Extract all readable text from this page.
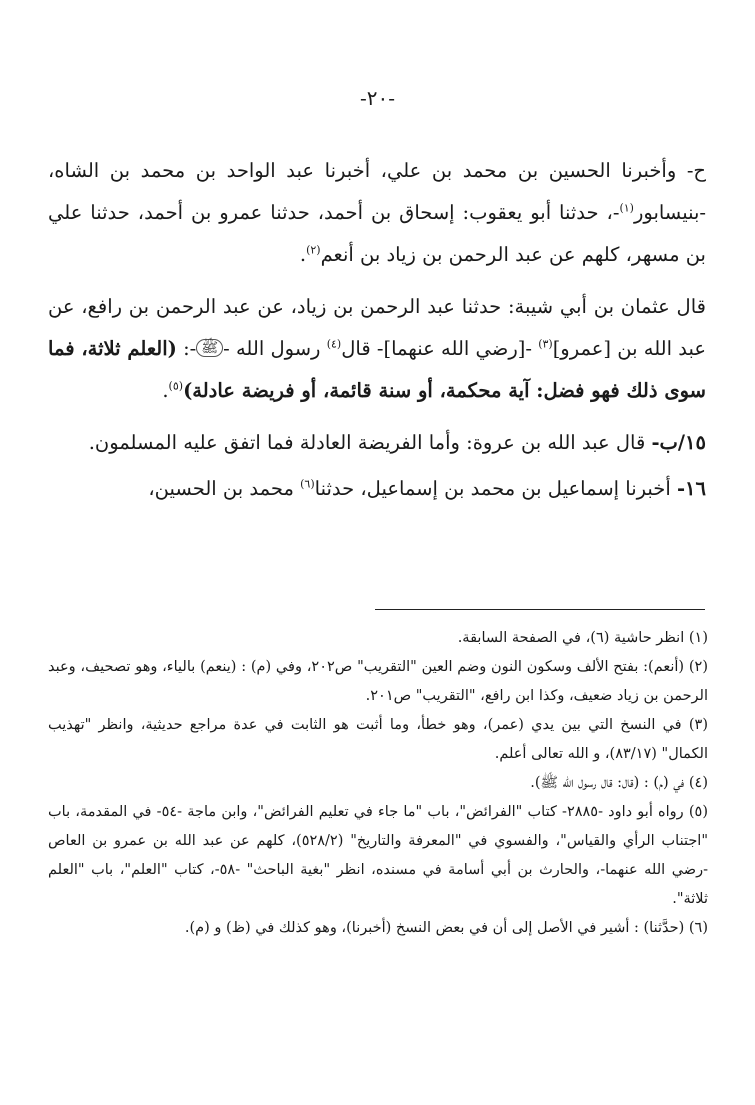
-٢٠-

ح- وأخبرنا الحسين بن محمد بن علي، أخبرنا عبد الواحد بن محمد بن الشاه، -بنيسابور$^{(١)}$-، حدثنا أبو يعقوب: إسحاق بن أحمد، حدثنا عمرو بن أحمد، حدثنا علي بن مسهر، كلهم عن عبد الرحمن بن زياد بن أنعم$^{(٢)}$.

قال عثمان بن أبي شيبة: حدثنا عبد الرحمن بن زياد، عن عبد الرحمن بن رافع، عن عبد الله بن [عمرو]$^{(٣)}$ -[رضي الله عنهما]- قال$^{(٤)}$ رسول الله -ﷺ-: (العلم ثلاثة، فما سوى ذلك فهو فضل: آية محكمة، أو سنة قائمة، أو فريضة عادلة)$^{(٥)}$.

١٥/ب- قال عبد الله بن عروة: وأما الفريضة العادلة فما اتفق عليه المسلمون.

١٦- أخبرنا إسماعيل بن محمد بن إسماعيل، حدثنا$^{(٦)}$ محمد بن الحسين،

(١) انظر حاشية (٦)، في الصفحة السابقة.
(٢) (أنعم): بفتح الألف وسكون النون وضم العين "التقريب" ص٢٠٢، وفي (م) : (ينعم) بالياء، وهو تصحيف، وعبد الرحمن بن زياد ضعيف، وكذا ابن رافع، "التقريب" ص٢٠١.
(٣) في النسخ التي بين يدي (عمر)، وهو خطأ، وما أثبت هو الثابت في عدة مراجع حديثية، وانظر "تهذيب الكمال" (٨٣/١٧)، و الله تعالى أعلم.
(٤) في (م) : (قال: قال رسول الله ﷺ).
(٥) رواه أبو داود -٢٨٨٥- كتاب "الفرائض"، باب "ما جاء في تعليم الفرائض"، وابن ماجة -٥٤- في المقدمة، باب "اجتناب الرأي والقياس"، والفسوي في "المعرفة والتاريخ" (٥٢٨/٢)، كلهم عن عبد الله بن عمرو بن العاص -رضي الله عنهما-، والحارث بن أبي أسامة في مسنده، انظر "بغية الباحث" -٥٨-، كتاب "العلم"، باب "العلم ثلاثة".
(٦) (حدَّثنا) : أشير في الأصل إلى أن في بعض النسخ (أخبرنا)، وهو كذلك في (ظ) و (م).
